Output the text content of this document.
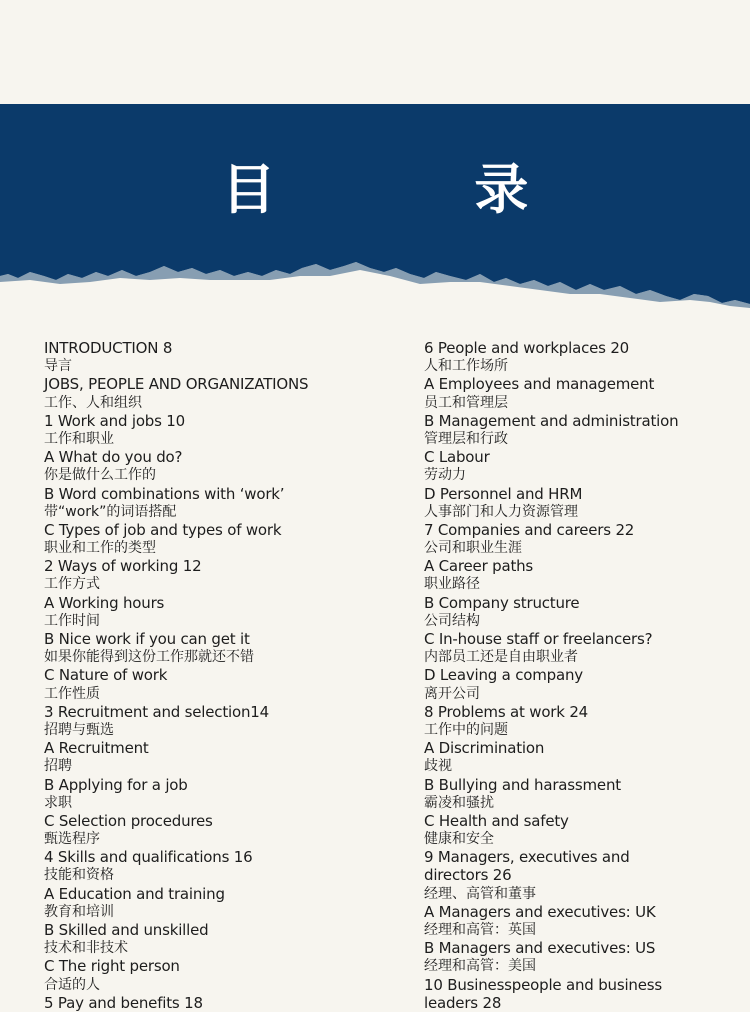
目 录
INTRODUCTION 8
导言
JOBS, PEOPLE AND ORGANIZATIONS
工作、人和组织
1 Work and jobs 10
工作和职业
A What do you do?
你是做什么工作的
B Word combinations with ‘work’
带“work”的词语搭配
C Types of job and types of work
职业和工作的类型
2 Ways of working 12
工作方式
A Working hours
工作时间
B Nice work if you can get it
如果你能得到这份工作那就还不错
C Nature of work
工作性质
3 Recruitment and selection14
招聘与甄选
A Recruitment
招聘
B Applying for a job
求职
C Selection procedures
甄选程序
4 Skills and qualifications 16
技能和资格
A Education and training
教育和培训
B Skilled and unskilled
技术和非技术
C The right person
合适的人
5 Pay and benefits 18
6 People and workplaces 20
人和工作场所
A Employees and management
员工和管理层
B Management and administration
管理层和行政
C Labour
劳动力
D Personnel and HRM
人事部门和人力资源管理
7 Companies and careers 22
公司和职业生涯
A Career paths
职业路径
B Company structure
公司结构
C In-house staff or freelancers?
内部员工还是自由职业者
D Leaving a company
离开公司
8 Problems at work 24
工作中的问题
A Discrimination
歧视
B Bullying and harassment
霸凌和骚扰
C Health and safety
健康和安全
9 Managers, executives and
directors 26
经理、高管和董事
A Managers and executives: UK
经理和高管：英国
B Managers and executives: US
经理和高管：美国
10 Businesspeople and business
leaders 28
